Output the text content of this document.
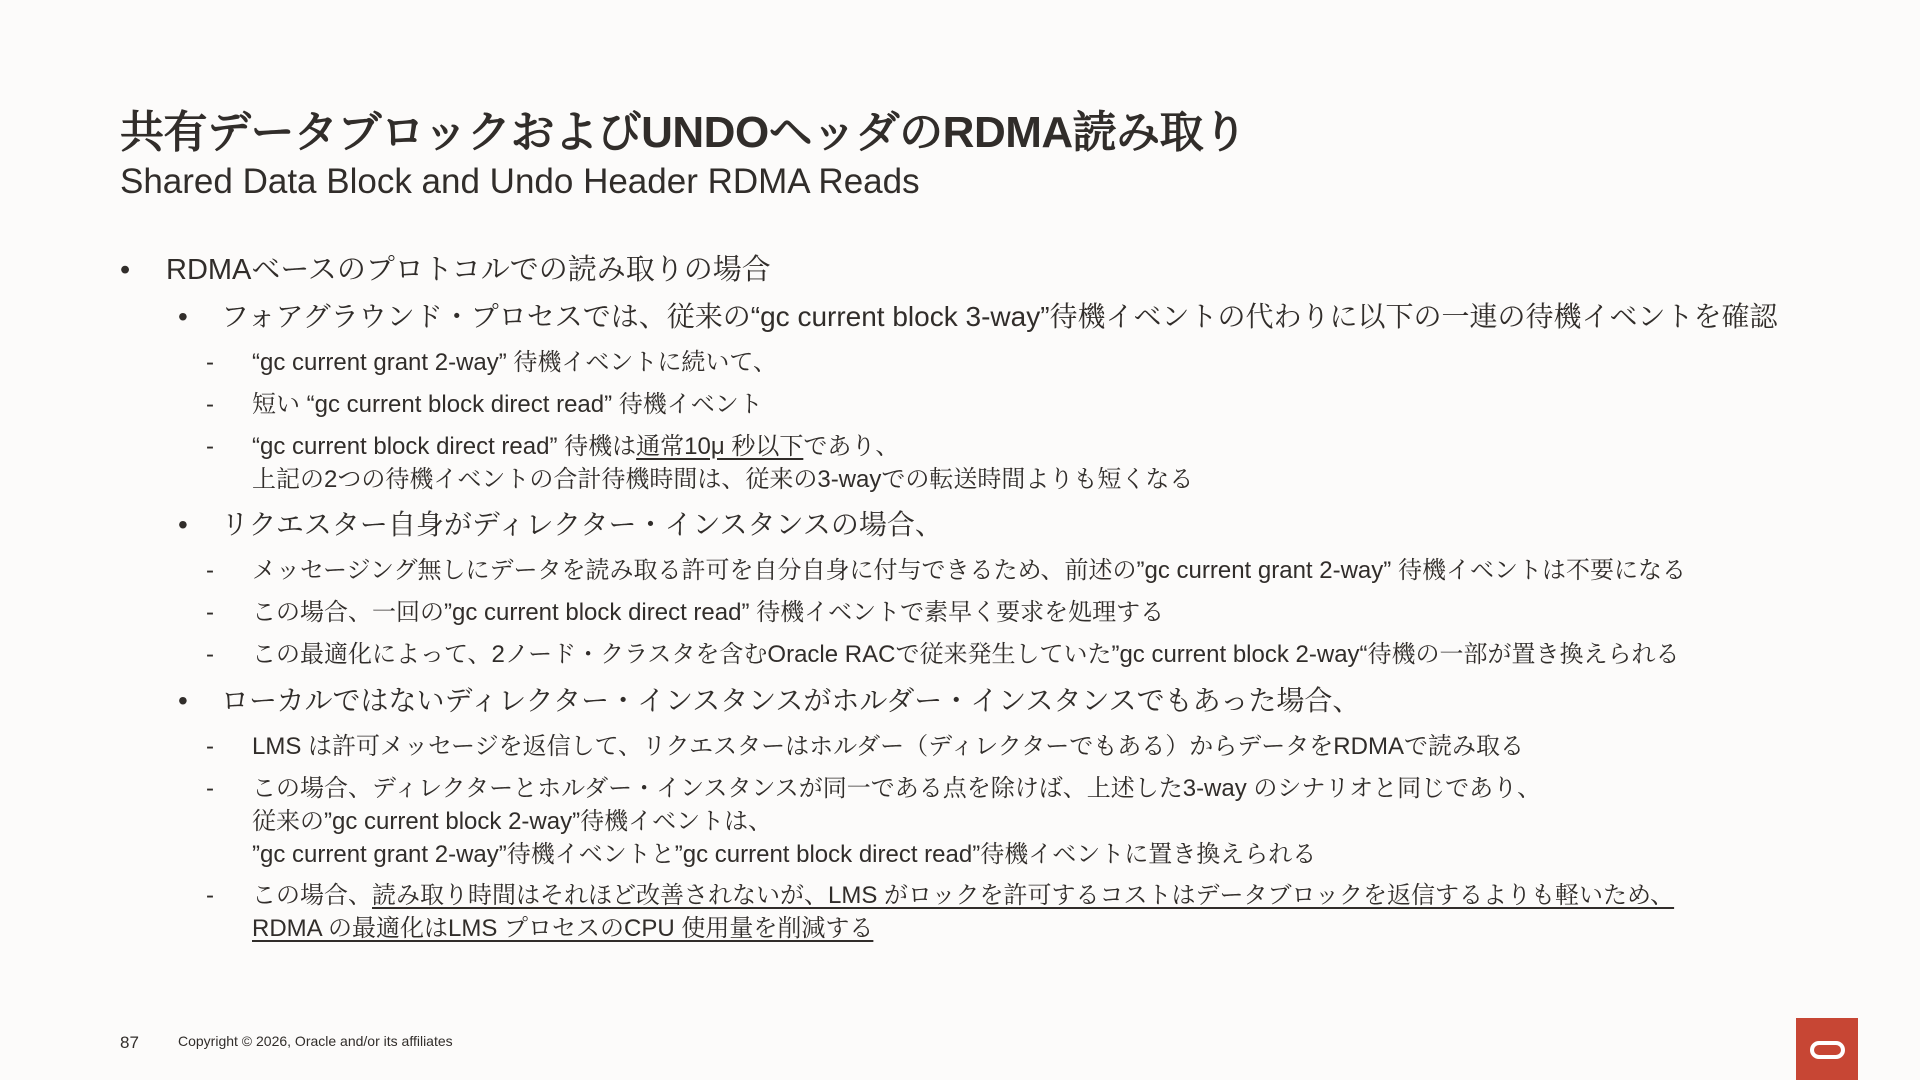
共有データブロックおよびUNDOヘッダのRDMA読み取り
Shared Data Block and Undo Header RDMA Reads
• RDMAベースのプロトコルでの読み取りの場合
• フォアグラウンド・プロセスでは、従来の“gc current block 3-way”待機イベントの代わりに以下の一連の待機イベントを確認
- “gc current grant 2-way” 待機イベントに続いて、
- 短い “gc current block direct read” 待機イベント
- “gc current block direct read” 待機は通常10μ 秒以下であり、
上記の2つの待機イベントの合計待機時間は、従来の3-wayでの転送時間よりも短くなる
• リクエスター自身がディレクター・インスタンスの場合、
- メッセージング無しにデータを読み取る許可を自分自身に付与できるため、前述の”gc current grant 2-way” 待機イベントは不要になる
- この場合、一回の”gc current block direct read” 待機イベントで素早く要求を処理する
- この最適化によって、2ノード・クラスタを含むOracle RACで従来発生していた”gc current block 2-way“待機の一部が置き換えられる
• ローカルではないディレクター・インスタンスがホルダー・インスタンスでもあった場合、
- LMS は許可メッセージを返信して、リクエスターはホルダー（ディレクターでもある）からデータをRDMAで読み取る
- この場合、ディレクターとホルダー・インスタンスが同一である点を除けば、上述した3-way のシナリオと同じであり、
従来の”gc current block 2-way”待機イベントは、
”gc current grant 2-way”待機イベントと”gc current block direct read”待機イベントに置き換えられる
- この場合、読み取り時間はそれほど改善されないが、LMS がロックを許可するコストはデータブロックを返信するよりも軽いため、
RDMA の最適化はLMS プロセスのCPU 使用量を削減する
87	Copyright © 2026, Oracle and/or its affiliates
